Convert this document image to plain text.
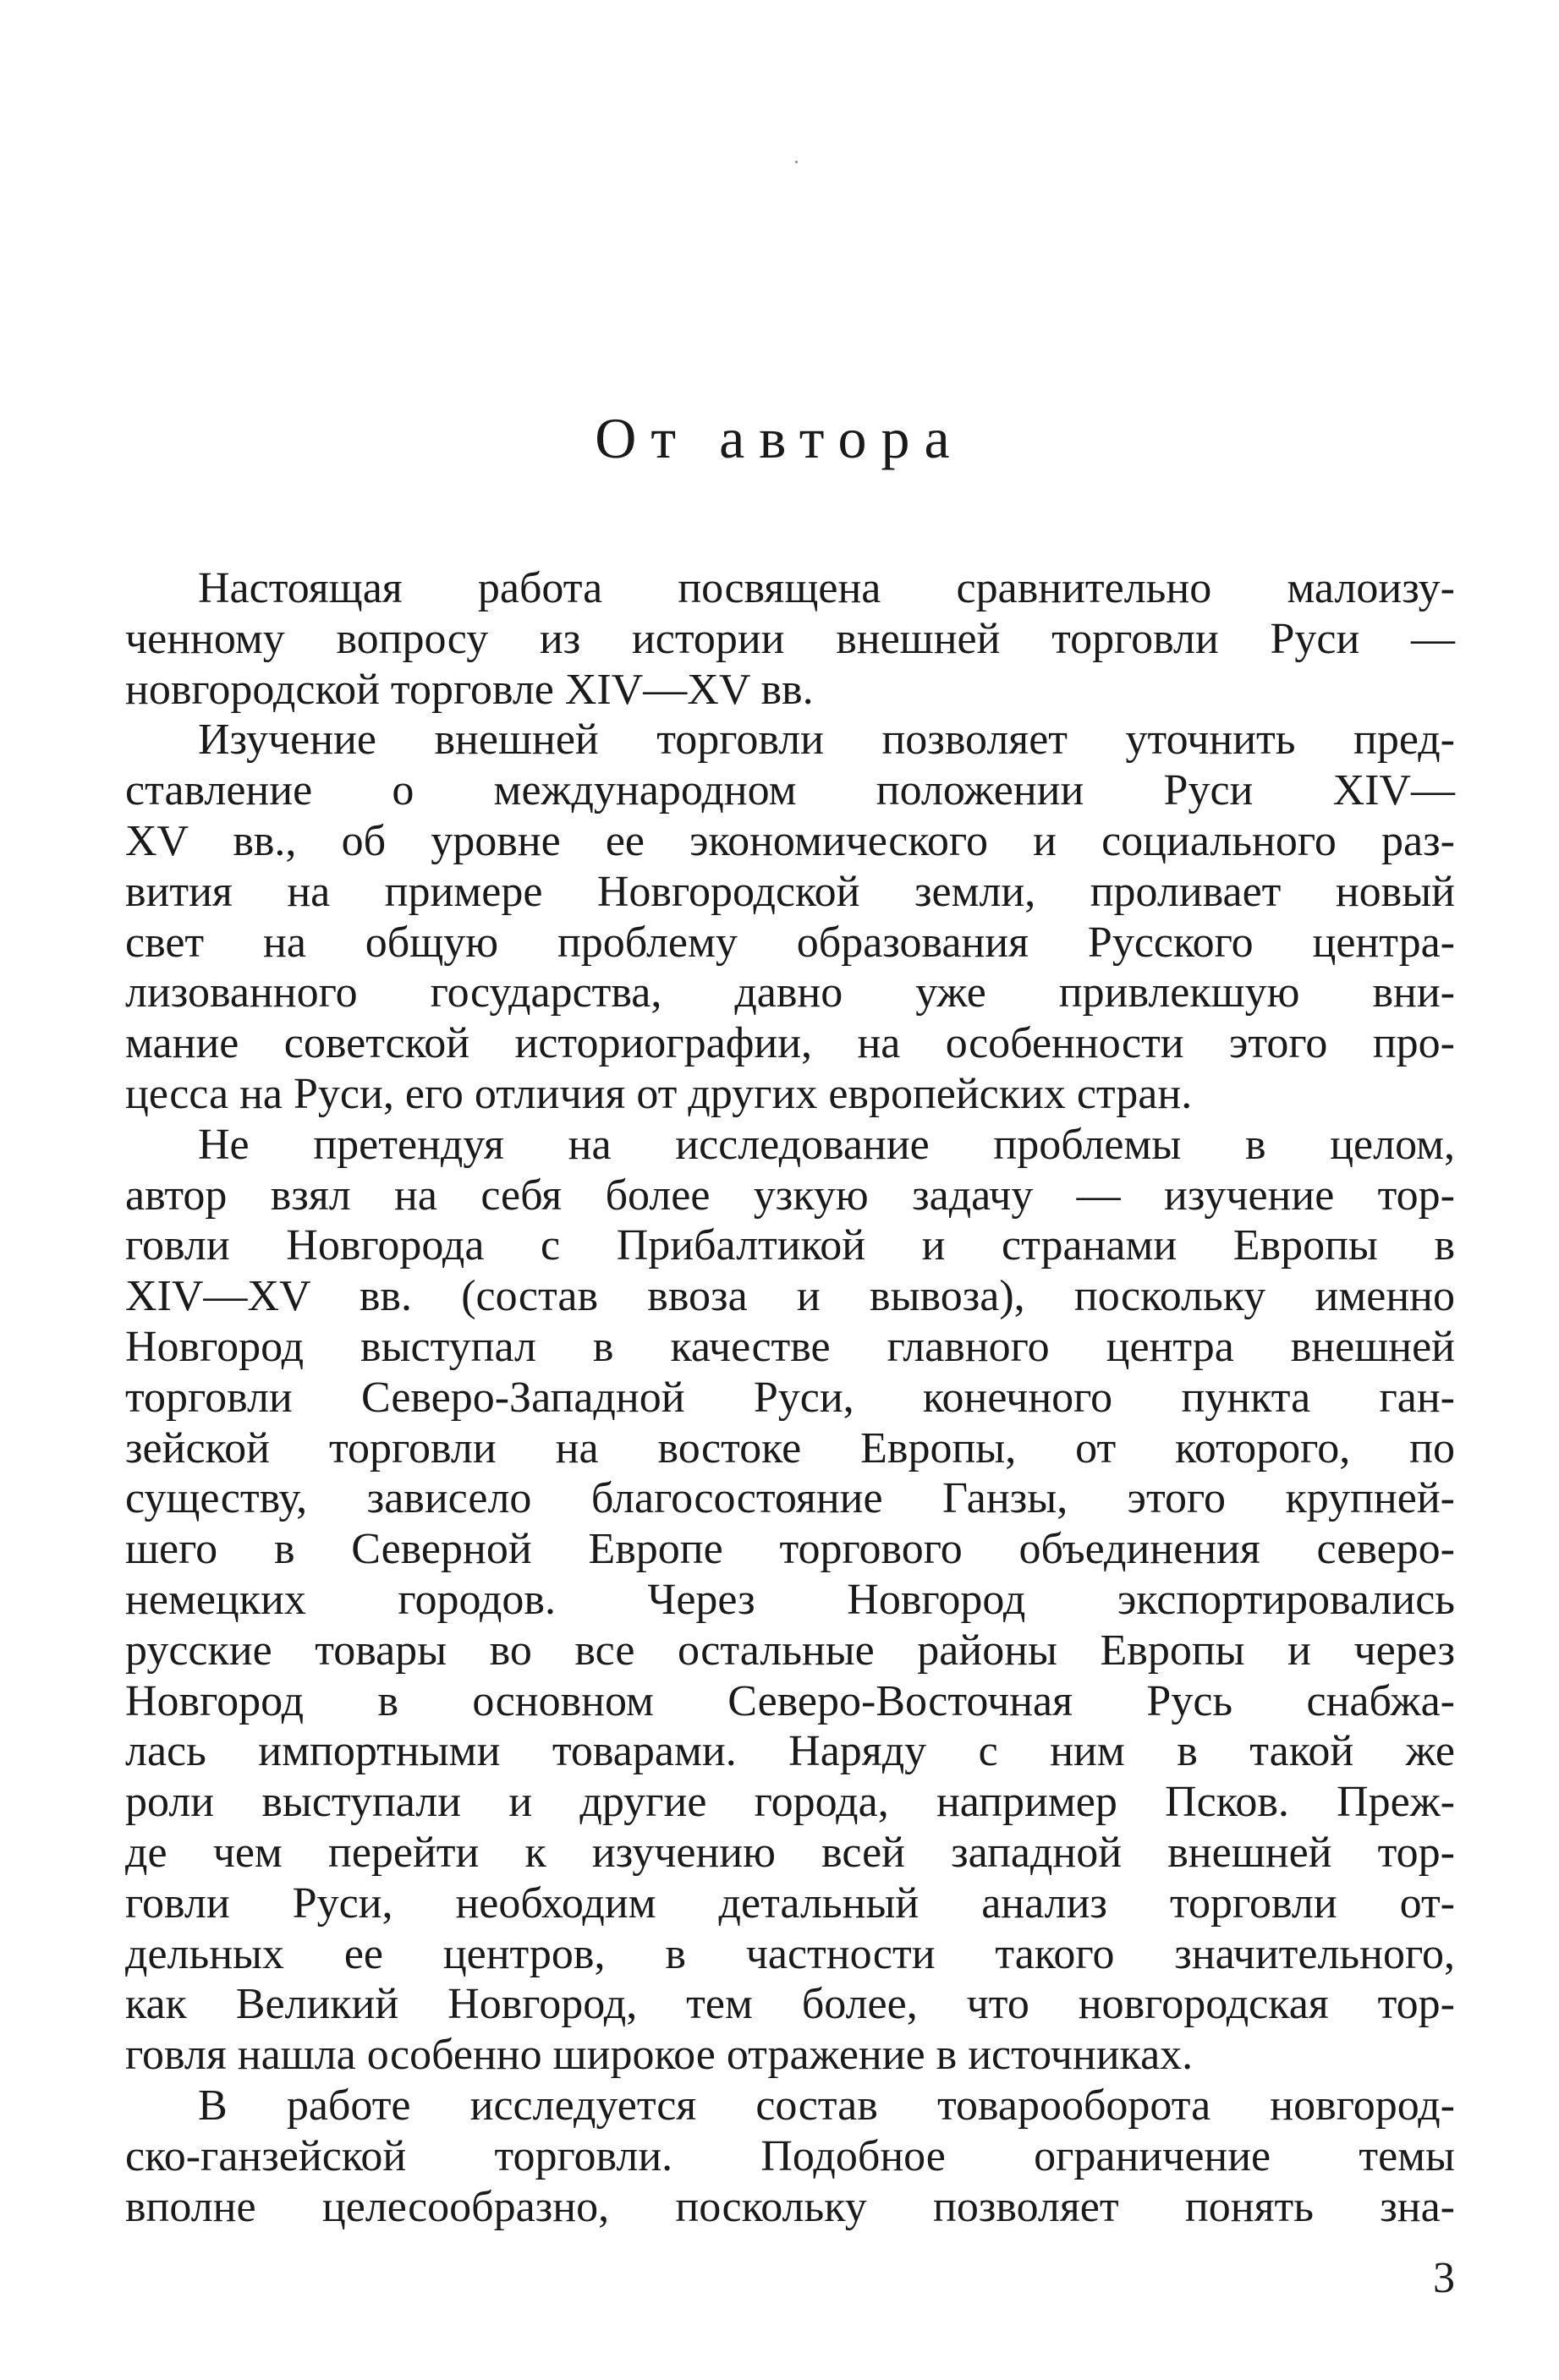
От автора
Настоящая работа посвящена сравнительно малоизу-
ченному вопросу из истории внешней торговли Руси —
новгородской торговле XIV—XV вв.
Изучение внешней торговли позволяет уточнить пред-
ставление о международном положении Руси XIV—
XV вв., об уровне ее экономического и социального раз-
вития на примере Новгородской земли, проливает новый
свет на общую проблему образования Русского центра-
лизованного государства, давно уже привлекшую вни-
мание советской историографии, на особенности этого про-
цесса на Руси, его отличия от других европейских стран.
Не претендуя на исследование проблемы в целом,
автор взял на себя более узкую задачу — изучение тор-
говли Новгорода с Прибалтикой и странами Европы в
XIV—XV вв. (состав ввоза и вывоза), поскольку именно
Новгород выступал в качестве главного центра внешней
торговли Северо-Западной Руси, конечного пункта ган-
зейской торговли на востоке Европы, от которого, по
существу, зависело благосостояние Ганзы, этого крупней-
шего в Северной Европе торгового объединения северо-
немецких городов. Через Новгород экспортировались
русские товары во все остальные районы Европы и через
Новгород в основном Северо-Восточная Русь снабжа-
лась импортными товарами. Наряду с ним в такой же
роли выступали и другие города, например Псков. Преж-
де чем перейти к изучению всей западной внешней тор-
говли Руси, необходим детальный анализ торговли от-
дельных ее центров, в частности такого значительного,
как Великий Новгород, тем более, что новгородская тор-
говля нашла особенно широкое отражение в источниках.
В работе исследуется состав товарооборота новгород-
ско-ганзейской торговли. Подобное ограничение темы
вполне целесообразно, поскольку позволяет понять зна-
3
